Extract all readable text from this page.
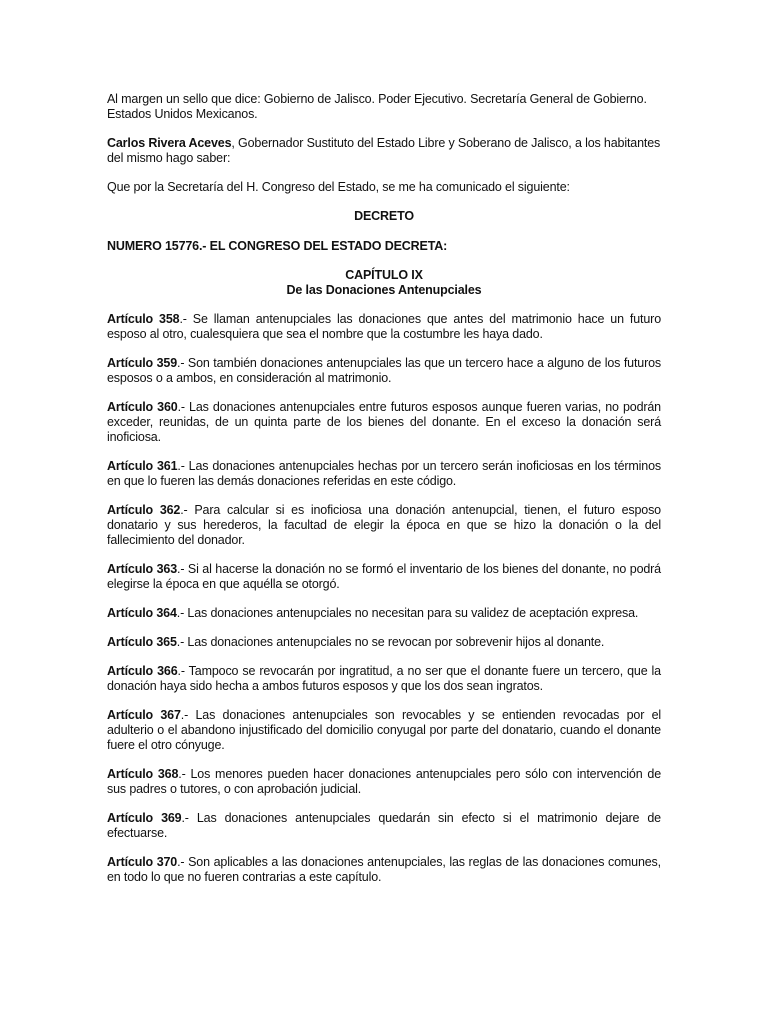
Al margen un sello que dice: Gobierno de Jalisco. Poder Ejecutivo. Secretaría General de Gobierno. Estados Unidos Mexicanos.

Carlos Rivera Aceves, Gobernador Sustituto del Estado Libre y Soberano de Jalisco, a los habitantes del mismo hago saber:

Que por la Secretaría del H. Congreso del Estado, se me ha comunicado el siguiente:

DECRETO
NUMERO 15776.- EL CONGRESO DEL ESTADO DECRETA:
CAPÍTULO IX
De las Donaciones Antenupciales

Artículo 358.- Se llaman antenupciales las donaciones que antes del matrimonio hace un futuro esposo al otro, cualesquiera que sea el nombre que la costumbre les haya dado.

Artículo 359.- Son también donaciones antenupciales las que un tercero hace a alguno de los futuros esposos o a ambos, en consideración al matrimonio.

Artículo 360.- Las donaciones antenupciales entre futuros esposos aunque fueren varias, no podrán exceder, reunidas, de un quinta parte de los bienes del donante. En el exceso la donación será inoficiosa.

Artículo 361.- Las donaciones antenupciales hechas por un tercero serán inoficiosas en los términos en que lo fueren las demás donaciones referidas en este código.

Artículo 362.- Para calcular si es inoficiosa una donación antenupcial, tienen, el futuro esposo donatario y sus herederos, la facultad de elegir la época en que se hizo la donación o la del fallecimiento del donador.

Artículo 363.- Si al hacerse la donación no se formó el inventario de los bienes del donante, no podrá elegirse la época en que aquélla se otorgó.

Artículo 364.- Las donaciones antenupciales no necesitan para su validez de aceptación expresa.

Artículo 365.- Las donaciones antenupciales no se revocan por sobrevenir hijos al donante.

Artículo 366.- Tampoco se revocarán por ingratitud, a no ser que el donante fuere un tercero, que la donación haya sido hecha a ambos futuros esposos y que los dos sean ingratos.

Artículo 367.- Las donaciones antenupciales son revocables y se entienden revocadas por el adulterio o el abandono injustificado del domicilio conyugal por parte del donatario, cuando el donante fuere el otro cónyuge.

Artículo 368.- Los menores pueden hacer donaciones antenupciales pero sólo con intervención de sus padres o tutores, o con aprobación judicial.

Artículo 369.- Las donaciones antenupciales quedarán sin efecto si el matrimonio dejare de efectuarse.

Artículo 370.- Son aplicables a las donaciones antenupciales, las reglas de las donaciones comunes, en todo lo que no fueren contrarias a este capítulo.
